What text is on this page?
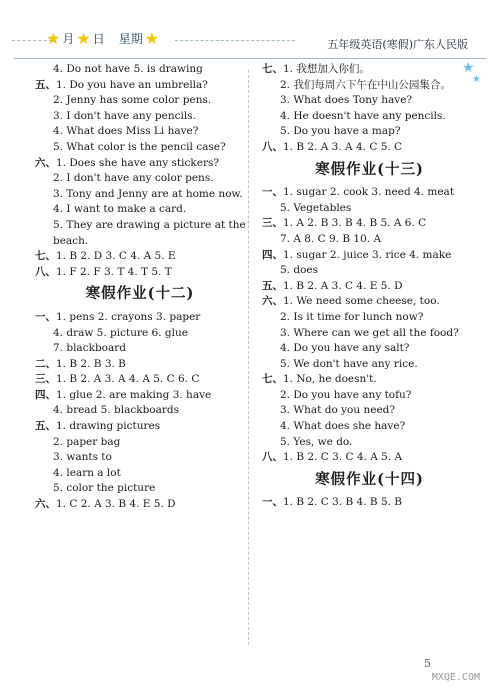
★ 月 ★ 日 星期 ★	五年级英语(寒假)广东人民版
★
★
4. Do not have 5. is drawing
五、1. Do you have an umbrella?
2. Jenny has some color pens.
3. I don't have any pencils.
4. What does Miss Li have?
5. What color is the pencil case?
六、1. Does she have any stickers?
2. I don't have any color pens.
3. Tony and Jenny are at home now.
4. I want to make a card.
5. They are drawing a picture at the
beach.
七、1. B 2. D 3. C 4. A 5. E
八、1. F 2. F 3. T 4. T 5. T
寒假作业(十二)
一、1. pens 2. crayons 3. paper
4. draw 5. picture 6. glue
7. blackboard
二、1. B 2. B 3. B
三、1. B 2. A 3. A 4. A 5. C 6. C
四、1. glue 2. are making 3. have
4. bread 5. blackboards
五、1. drawing pictures
2. paper bag
3. wants to
4. learn a lot
5. color the picture
六、1. C 2. A 3. B 4. E 5. D
七、1. 我想加入你们。
2. 我们每周六下午在中山公园集合。
3. What does Tony have?
4. He doesn't have any pencils.
5. Do you have a map?
八、1. B 2. A 3. A 4. C 5. C
寒假作业(十三)
一、1. sugar 2. cook 3. need 4. meat
5. Vegetables
三、1. A 2. B 3. B 4. B 5. A 6. C
7. A 8. C 9. B 10. A
四、1. sugar 2. juice 3. rice 4. make
5. does
五、1. B 2. A 3. C 4. E 5. D
六、1. We need some cheese, too.
2. Is it time for lunch now?
3. Where can we get all the food?
4. Do you have any salt?
5. We don't have any rice.
七、1. No, he doesn't.
2. Do you have any tofu?
3. What do you need?
4. What does she have?
5. Yes, we do.
八、1. B 2. C 3. C 4. A 5. A
寒假作业(十四)
一、1. B 2. C 3. B 4. B 5. B
5
MXQE.COM
